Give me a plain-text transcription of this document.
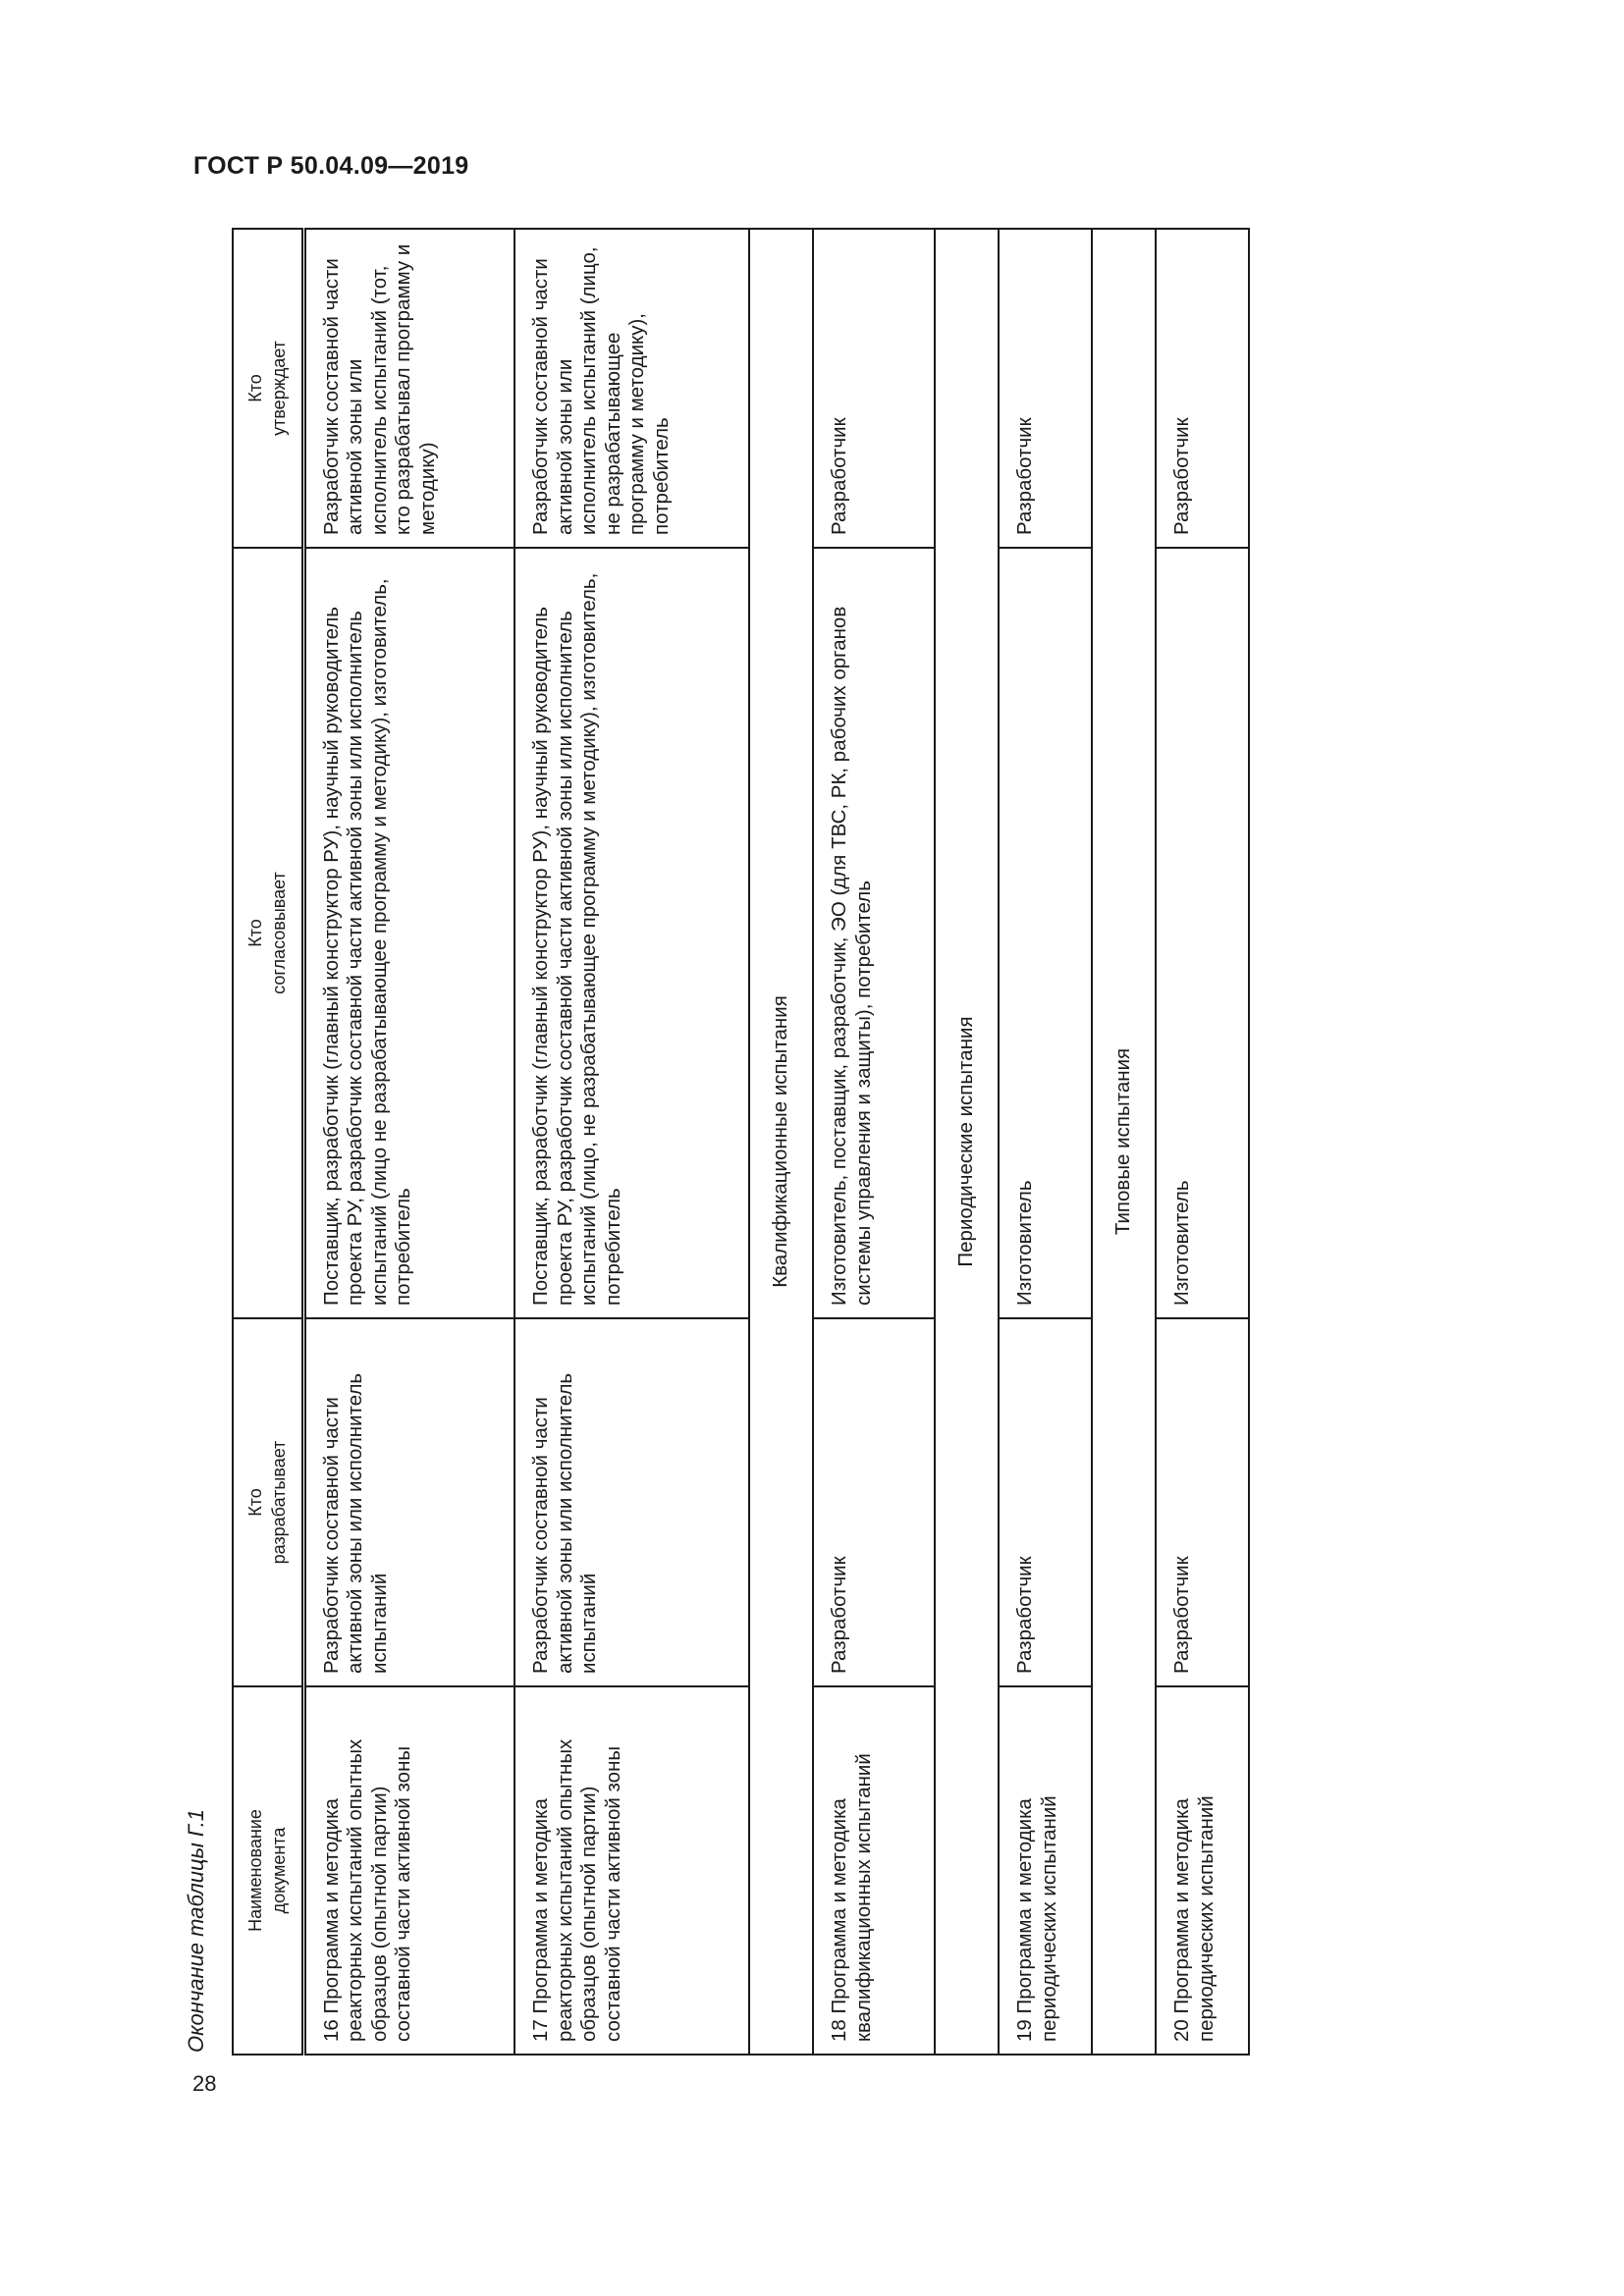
ГОСТ Р 50.04.09—2019
Окончание таблицы Г.1 Наименование документа	Кто разрабатывает	Кто согласовывает	Кто утверждает
16 Программа и методика реакторных испытаний опытных образцов (опытной партии) составной части активной зоны	Разработчик составной части активной зоны или исполнитель испытаний	Поставщик, разработчик (главный конструктор РУ), научный руководитель проекта РУ, разработчик составной части активной зоны или исполнитель испытаний (лицо не разрабатывающее программу и методику), изготовитель, потребитель	Разработчик составной части активной зоны или исполнитель испытаний (тот, кто разрабатывал программу и методику)
17 Программа и методика реакторных испытаний опытных образцов (опытной партии) составной части активной зоны	Разработчик составной части активной зоны или исполнитель испытаний	Поставщик, разработчик (главный конструктор РУ), научный руководитель проекта РУ, разработчик составной части активной зоны или исполнитель испытаний (лицо, не разрабатывающее программу и методику), изготовитель, потребитель	Разработчик составной части активной зоны или исполнитель испытаний (лицо, не разрабатывающее программу и методику), потребитель
Квалификационные испытания			
18 Программа и методика квалификационных испытаний	Разработчик	Изготовитель, поставщик, разработчик, ЭО (для ТВС, РК, рабочих органов системы управления и защиты), потребитель	Разработчик
Периодические испытания			
19 Программа и методика периодических испытаний	Разработчик	Изготовитель	Разработчик
Типовые испытания			
20 Программа и методика периодических испытаний	Разработчик	Изготовитель	Разработчик
28
